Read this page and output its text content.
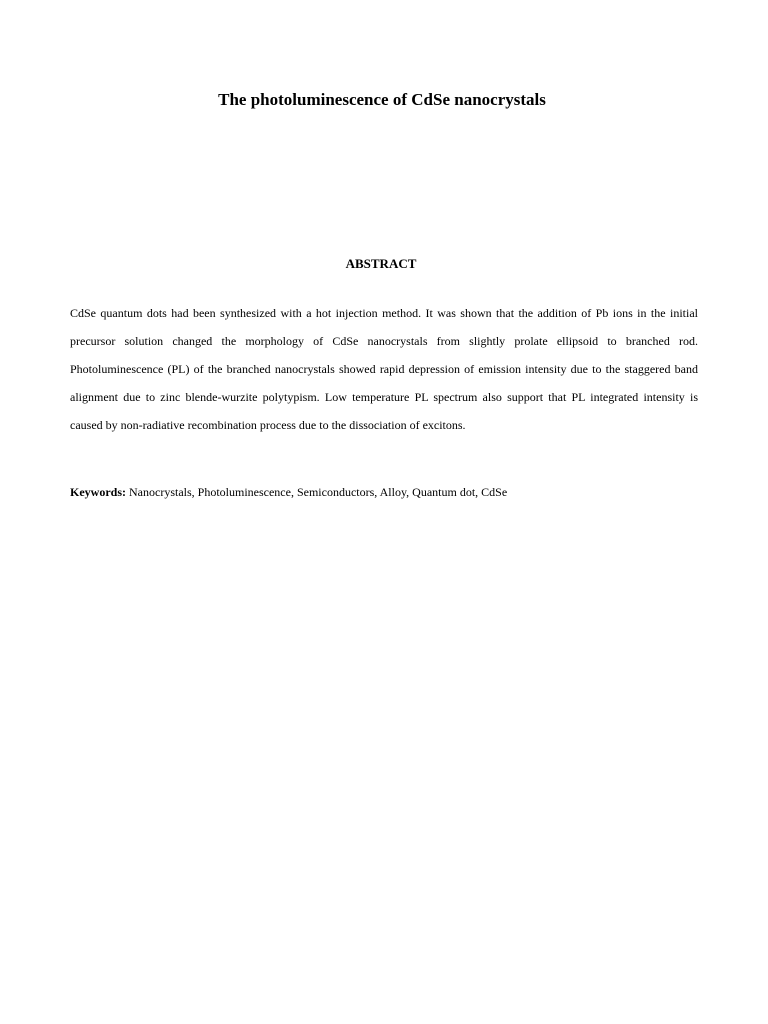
The photoluminescence of CdSe nanocrystals
ABSTRACT

CdSe quantum dots had been synthesized with a hot injection method. It was shown that the addition of Pb ions in the initial precursor solution changed the morphology of CdSe nanocrystals from slightly prolate ellipsoid to branched rod. Photoluminescence (PL) of the branched nanocrystals showed rapid depression of emission intensity due to the staggered band alignment due to zinc blende-wurzite polytypism. Low temperature PL spectrum also support that PL integrated intensity is caused by non-radiative recombination process due to the dissociation of excitons.

Keywords: Nanocrystals, Photoluminescence, Semiconductors, Alloy, Quantum dot, CdSe
